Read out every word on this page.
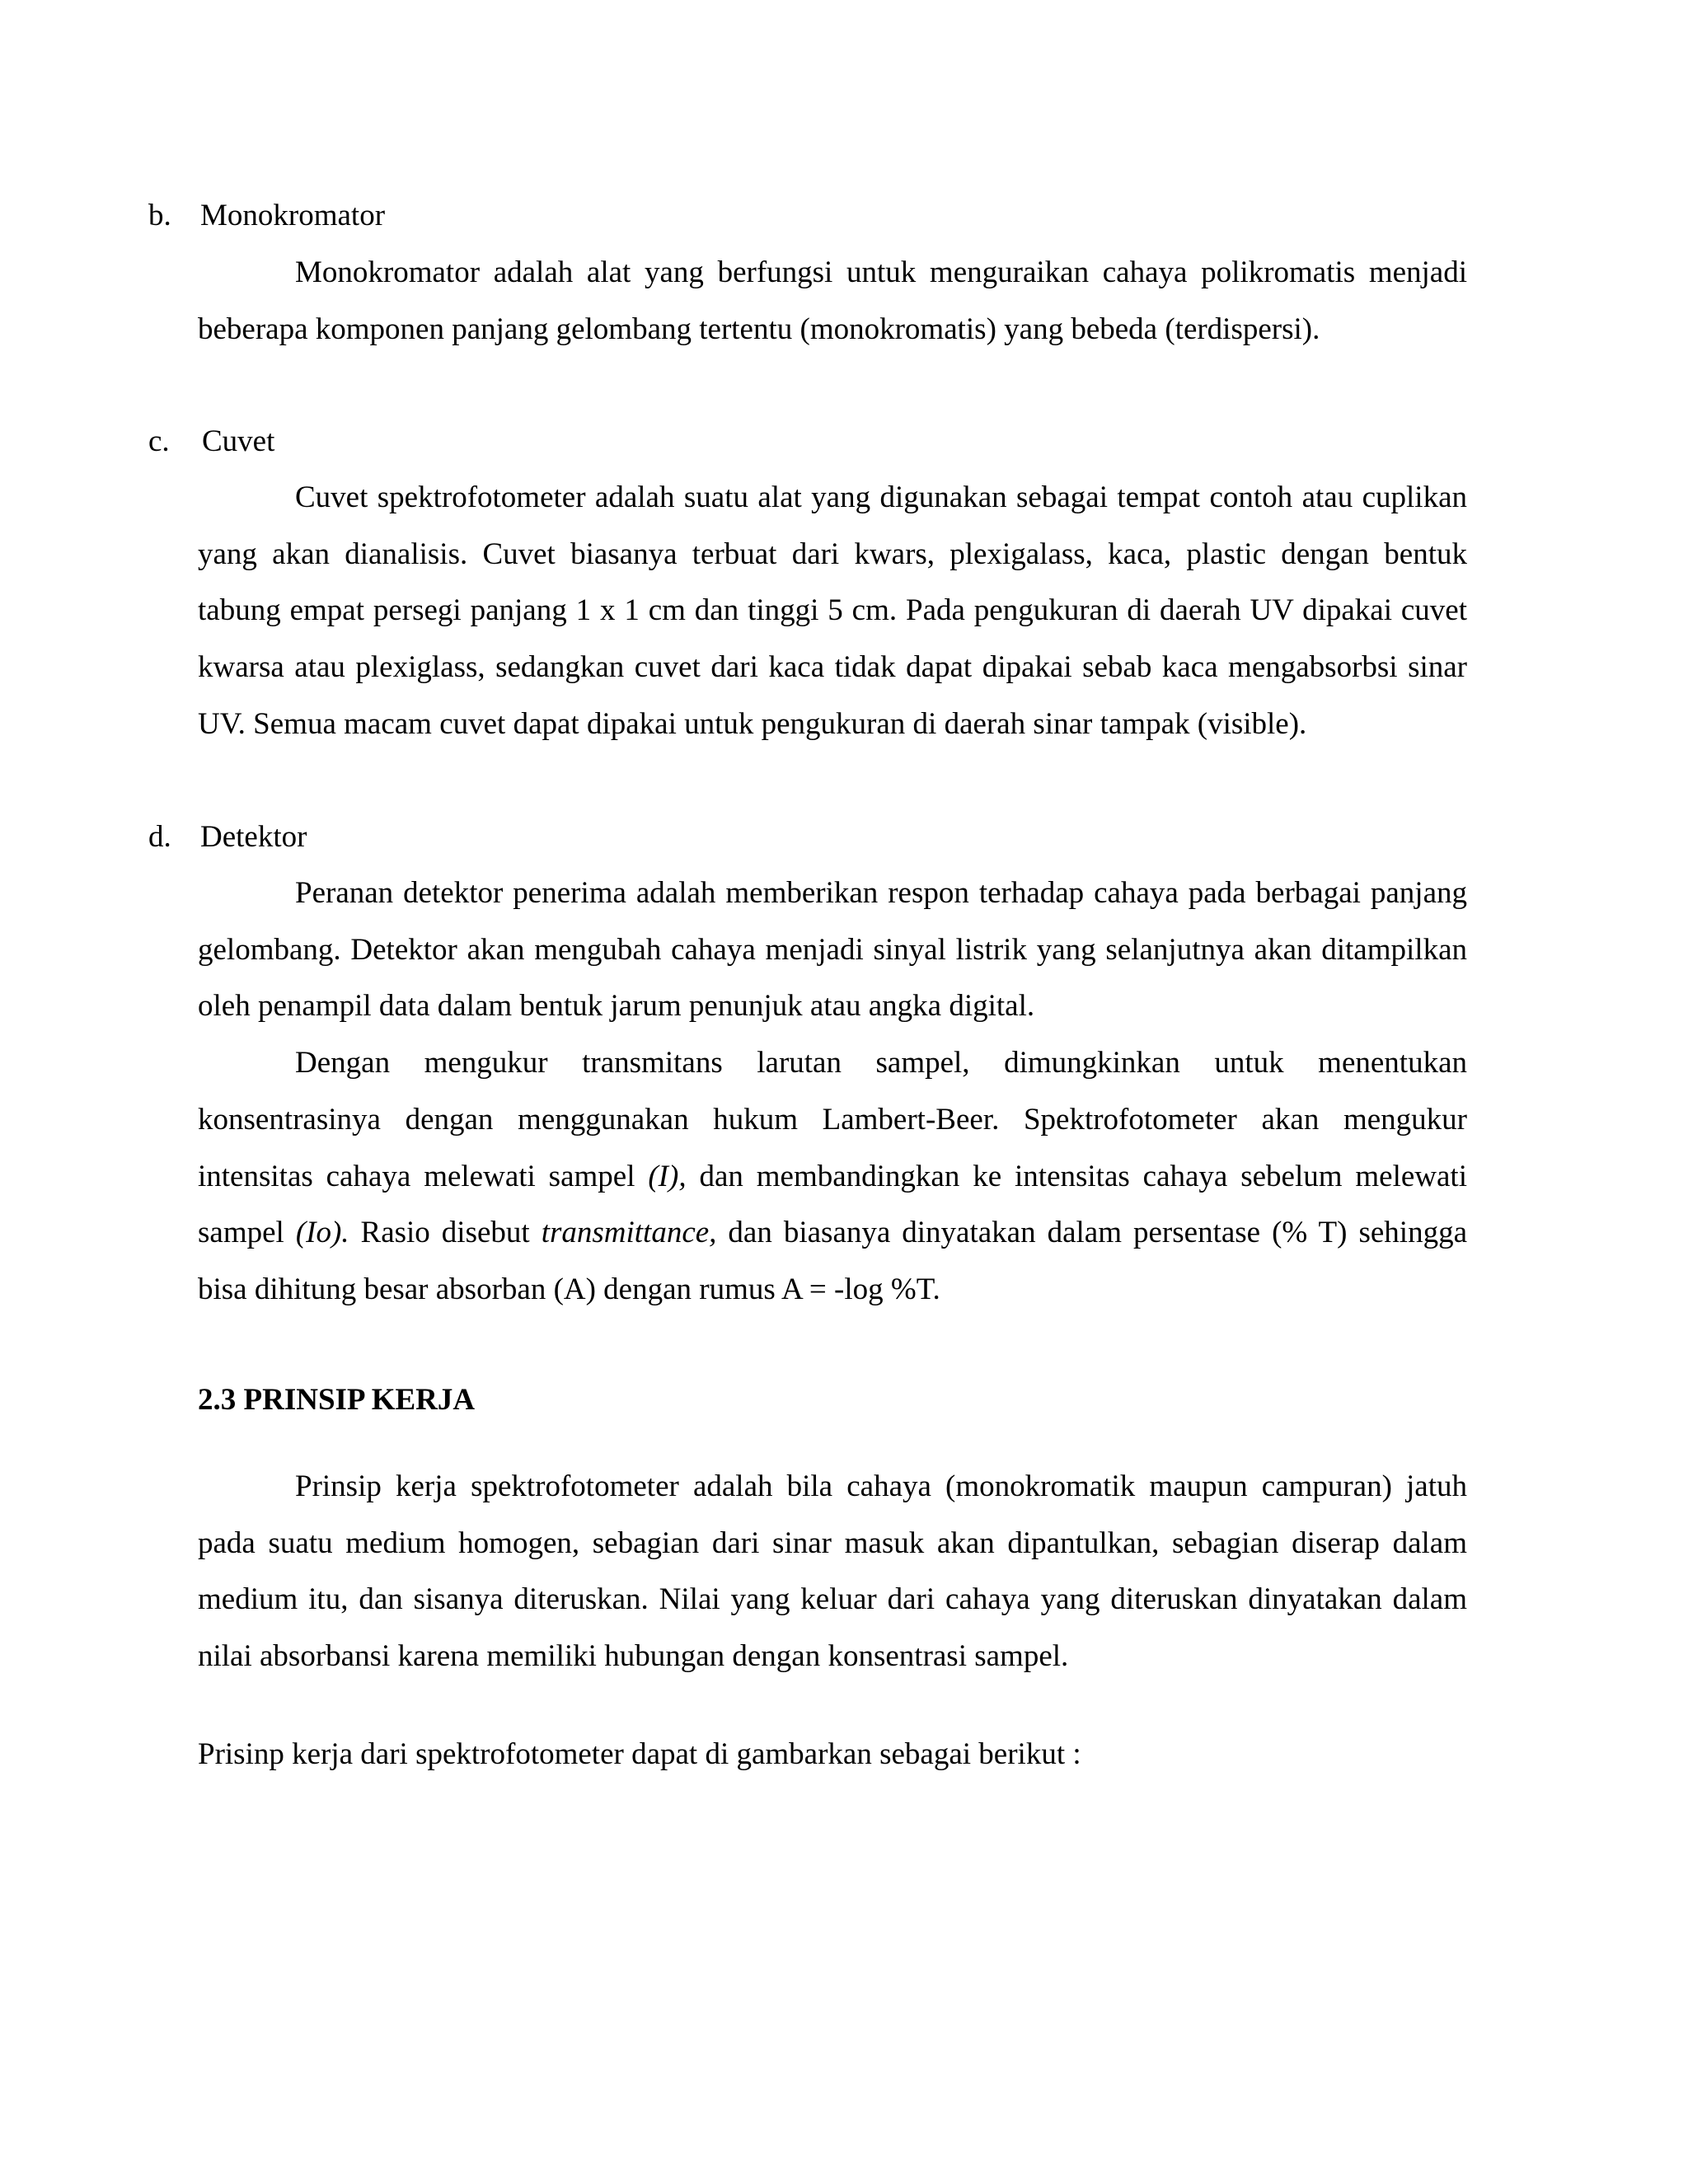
b. Monokromator

Monokromator adalah alat yang berfungsi untuk menguraikan cahaya polikromatis menjadi beberapa komponen panjang gelombang tertentu (monokromatis) yang bebeda (terdispersi).

c. Cuvet

Cuvet spektrofotometer adalah suatu alat yang digunakan sebagai tempat contoh atau cuplikan yang akan dianalisis. Cuvet biasanya terbuat dari kwars, plexigalass, kaca, plastic dengan bentuk tabung empat persegi panjang 1 x 1 cm dan tinggi 5 cm. Pada pengukuran di daerah UV dipakai cuvet kwarsa atau plexiglass, sedangkan cuvet dari kaca tidak dapat dipakai sebab kaca mengabsorbsi sinar UV. Semua macam cuvet dapat dipakai untuk pengukuran di daerah sinar tampak (visible).

d. Detektor

Peranan detektor penerima adalah memberikan respon terhadap cahaya pada berbagai panjang gelombang. Detektor akan mengubah cahaya menjadi sinyal listrik yang selanjutnya akan ditampilkan oleh penampil data dalam bentuk jarum penunjuk atau angka digital.

Dengan mengukur transmitans larutan sampel, dimungkinkan untuk menentukan konsentrasinya dengan menggunakan hukum Lambert-Beer. Spektrofotometer akan mengukur intensitas cahaya melewati sampel (I), dan membandingkan ke intensitas cahaya sebelum melewati sampel (Io). Rasio disebut transmittance, dan biasanya dinyatakan dalam persentase (% T) sehingga bisa dihitung besar absorban (A) dengan rumus A = -log %T.

2.3 PRINSIP KERJA

Prinsip kerja spektrofotometer adalah bila cahaya (monokromatik maupun campuran) jatuh pada suatu medium homogen, sebagian dari sinar masuk akan dipantulkan, sebagian diserap dalam medium itu, dan sisanya diteruskan. Nilai yang keluar dari cahaya yang diteruskan dinyatakan dalam nilai absorbansi karena memiliki hubungan dengan konsentrasi sampel.

Prisinp kerja dari spektrofotometer dapat di gambarkan sebagai berikut :
